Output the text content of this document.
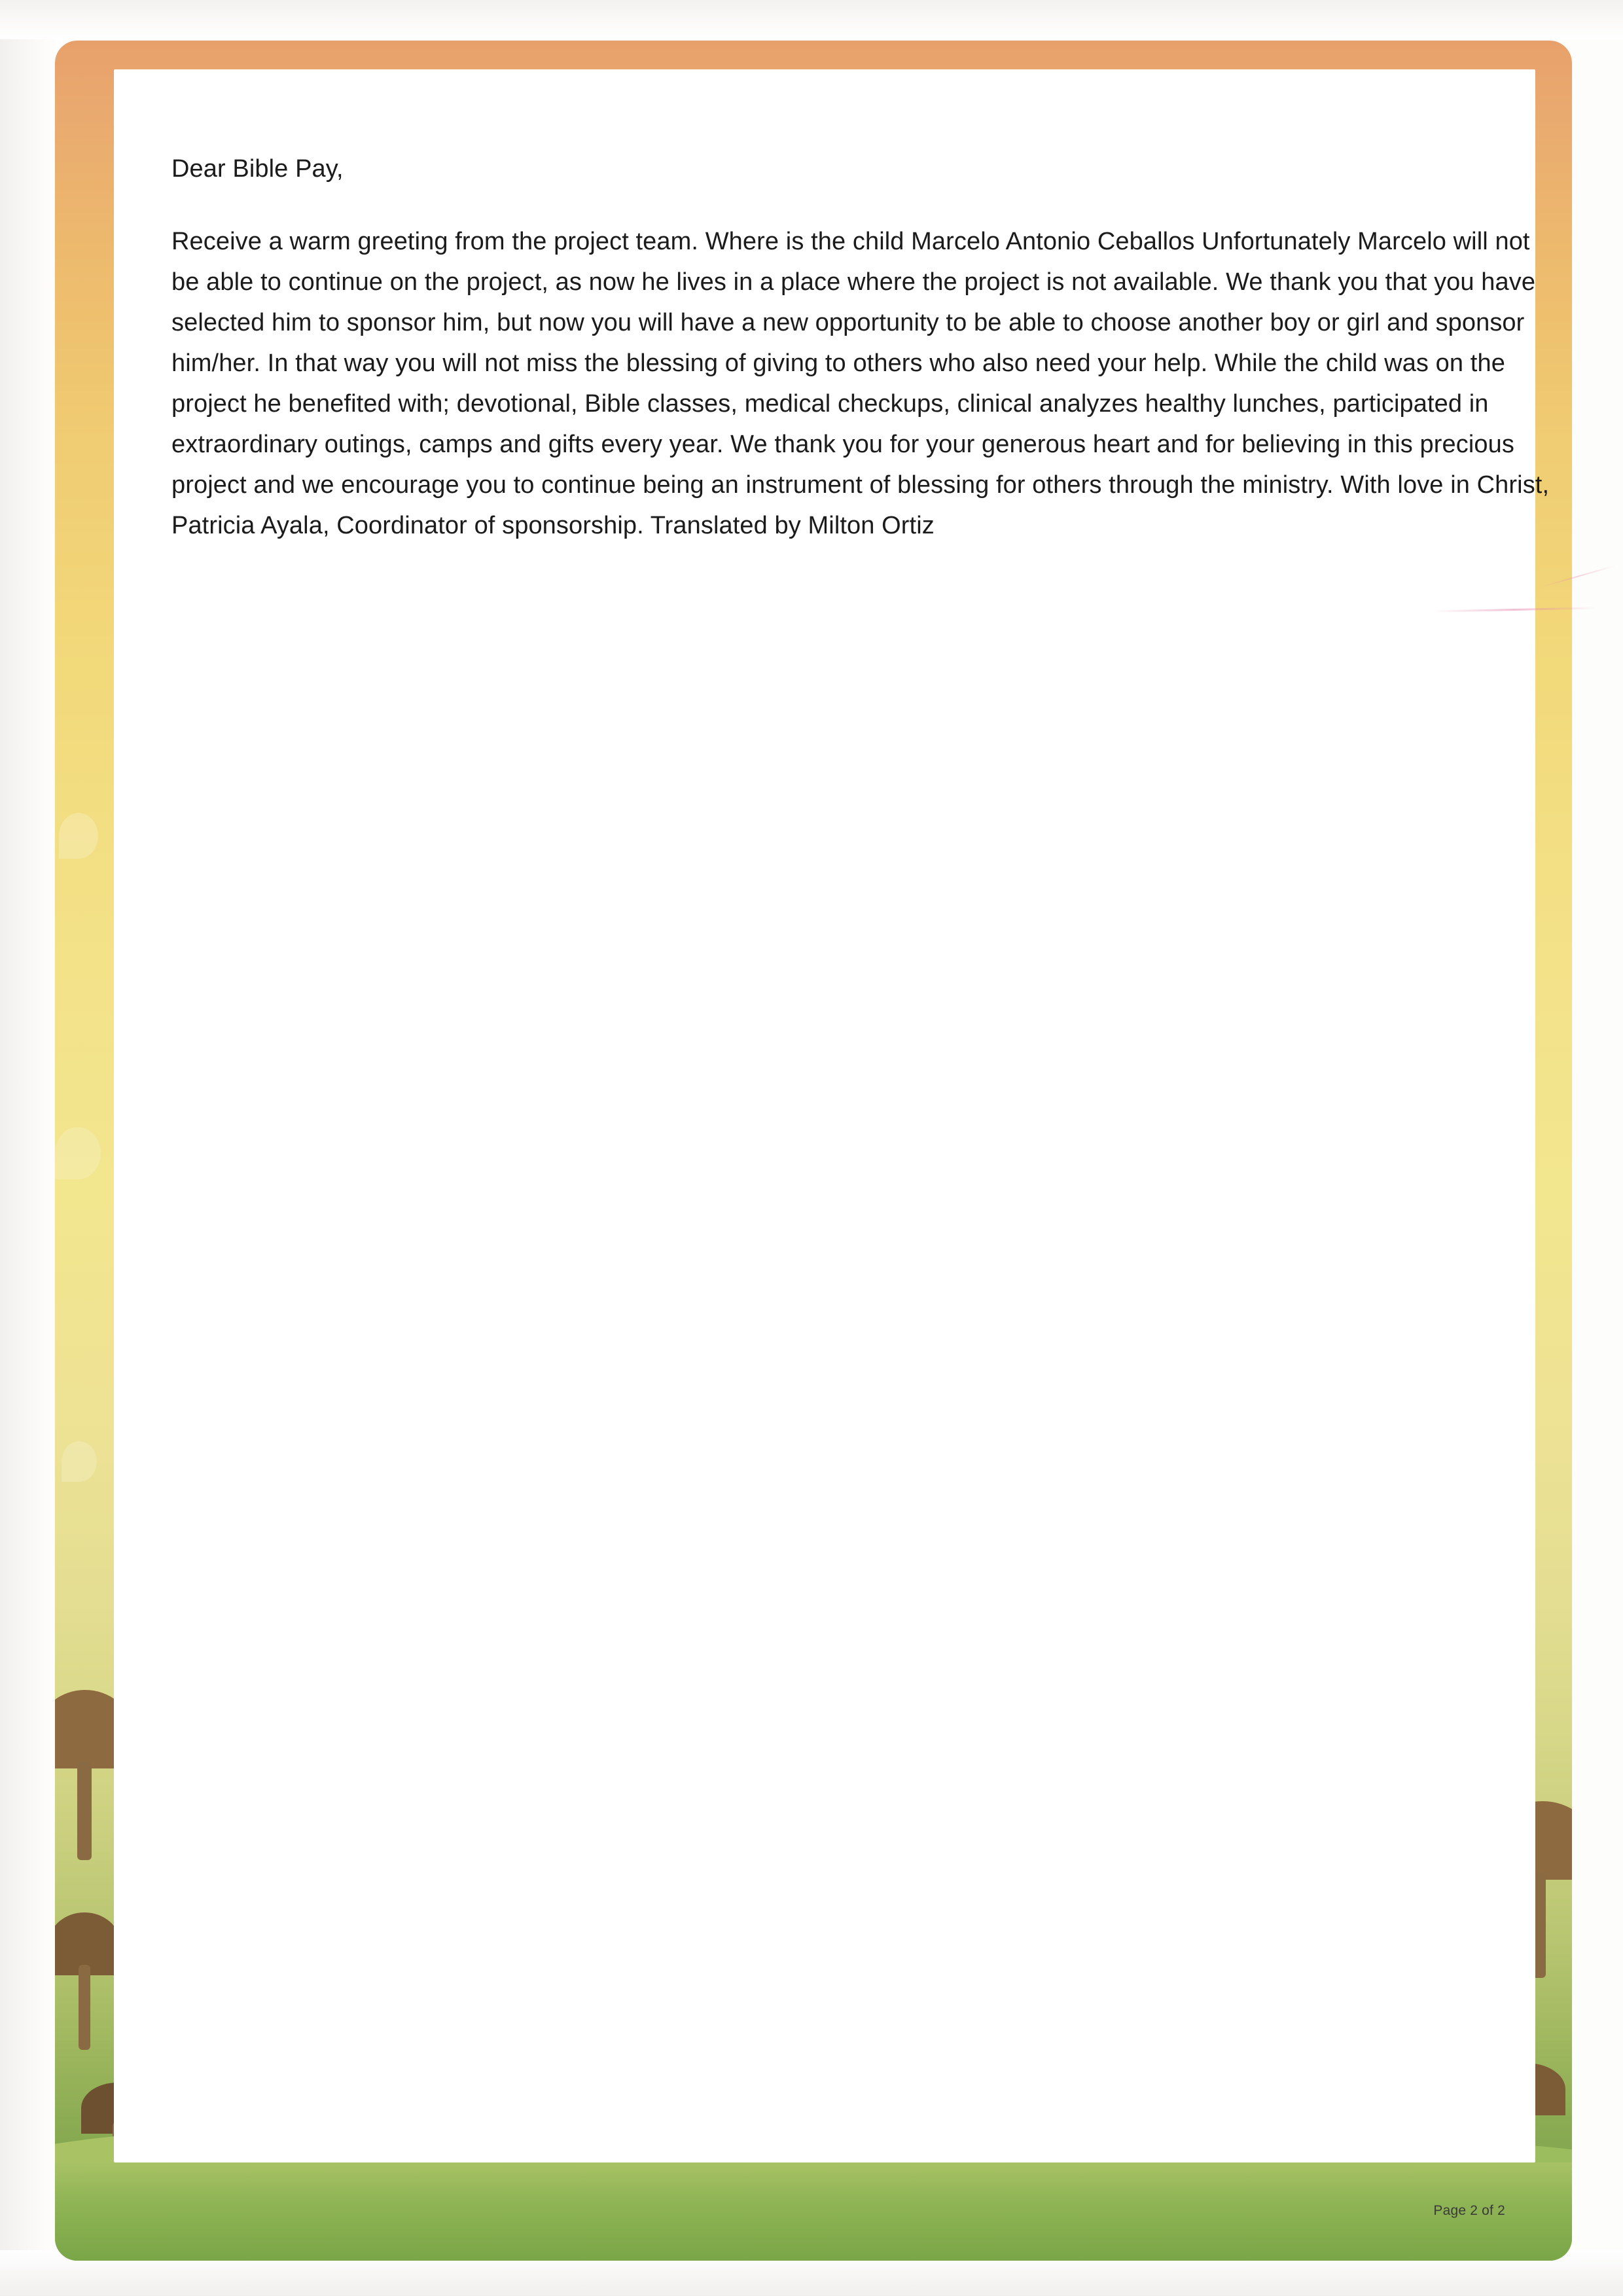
Dear Bible Pay,

Receive a warm greeting from the project team. Where is the child Marcelo Antonio Ceballos Unfortunately Marcelo will not be able to continue on the project, as now he lives in a place where the project is not available. We thank you that you have selected him to sponsor him, but now you will have a new opportunity to be able to choose another boy or girl and sponsor him/her. In that way you will not miss the blessing of giving to others who also need your help. While the child was on the project he benefited with; devotional, Bible classes, medical checkups, clinical analyzes healthy lunches, participated in extraordinary outings, camps and gifts every year. We thank you for your generous heart and for believing in this precious project and we encourage you to continue being an instrument of blessing for others through the ministry. With love in Christ, Patricia Ayala, Coordinator of sponsorship. Translated by Milton Ortiz

Page 2 of 2
